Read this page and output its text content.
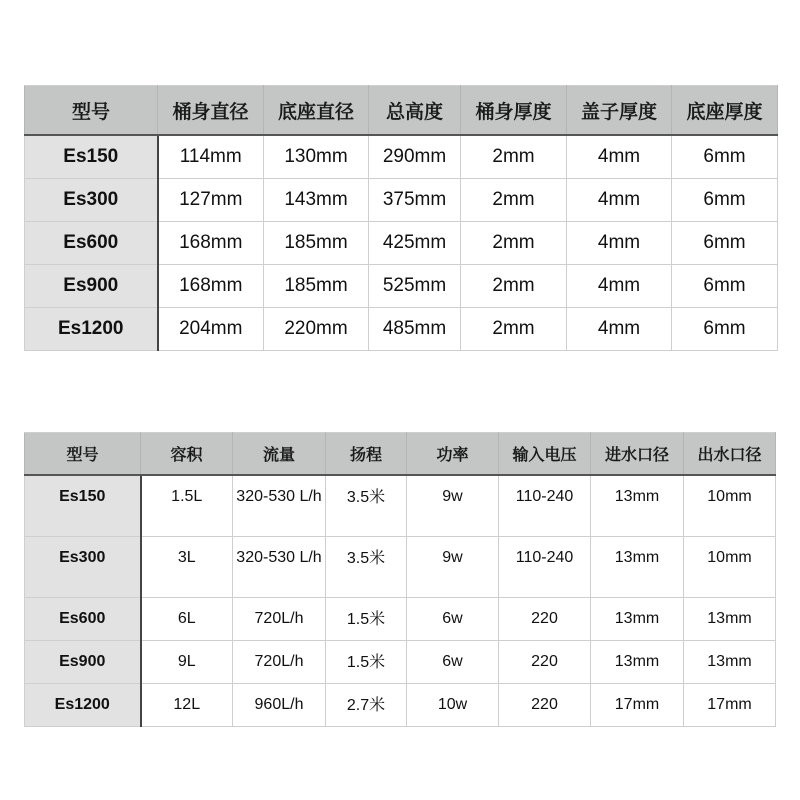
型号	桶身直径	底座直径	总高度	桶身厚度	盖子厚度	底座厚度
Es150	114mm	130mm	290mm	2mm	4mm	6mm
Es300	127mm	143mm	375mm	2mm	4mm	6mm
Es600	168mm	185mm	425mm	2mm	4mm	6mm
Es900	168mm	185mm	525mm	2mm	4mm	6mm
Es1200	204mm	220mm	485mm	2mm	4mm	6mm
型号	容积	流量	扬程	功率	输入电压	进水口径	出水口径
Es150	1.5L	320-530 L/h	3.5米	9w	110-240	13mm	10mm
Es300	3L	320-530 L/h	3.5米	9w	110-240	13mm	10mm
Es600	6L	720L/h	1.5米	6w	220	13mm	13mm
Es900	9L	720L/h	1.5米	6w	220	13mm	13mm
Es1200	12L	960L/h	2.7米	10w	220	17mm	17mm
